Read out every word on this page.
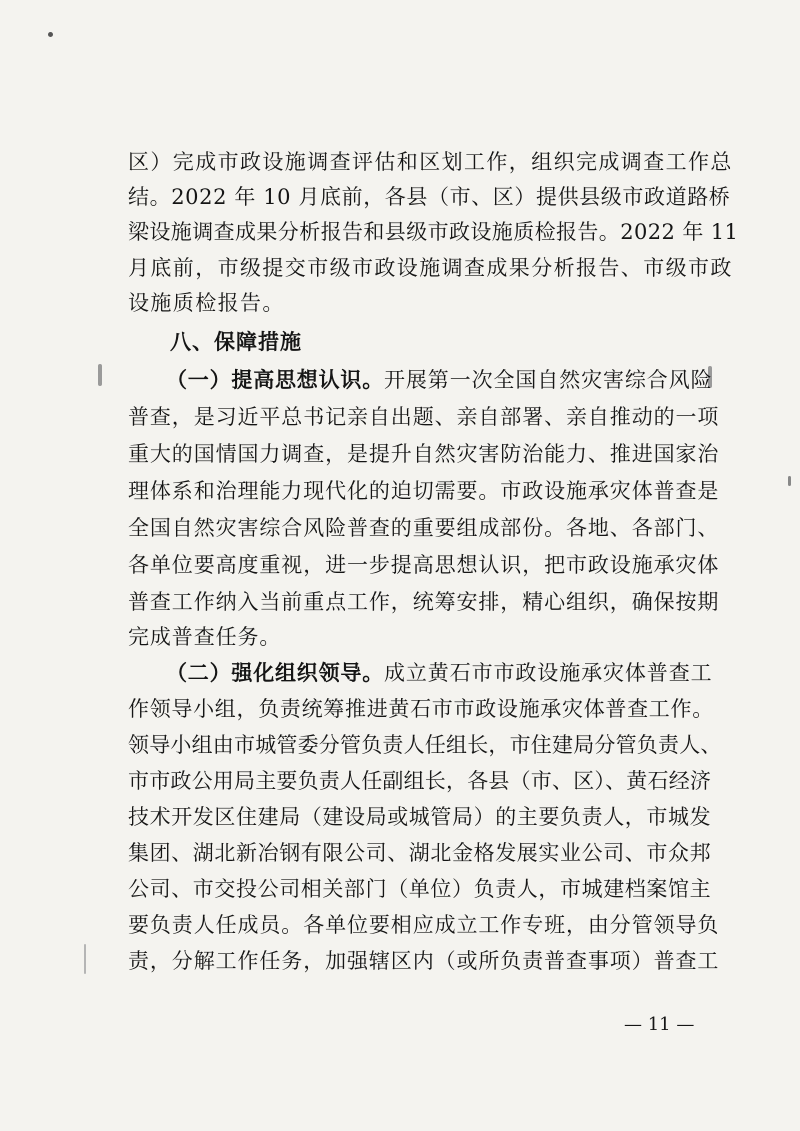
区）完成市政设施调查评估和区划工作，组织完成调查工作总
结。2022 年 10 月底前，各县（市、区）提供县级市政道路桥
梁设施调查成果分析报告和县级市政设施质检报告。2022 年 11
月底前，市级提交市级市政设施调查成果分析报告、市级市政
设施质检报告。
八、保障措施
（一）提高思想认识。 开展第一次全国自然灾害综合风险
普查，是习近平总书记亲自出题、亲自部署、亲自推动的一项
重大的国情国力调查，是提升自然灾害防治能力、推进国家治
理体系和治理能力现代化的迫切需要。市政设施承灾体普查是
全国自然灾害综合风险普查的重要组成部份。各地、各部门、
各单位要高度重视，进一步提高思想认识，把市政设施承灾体
普查工作纳入当前重点工作，统筹安排，精心组织，确保按期
完成普查任务。
（二）强化组织领导。 成立黄石市市政设施承灾体普查工
作领导小组，负责统筹推进黄石市市政设施承灾体普查工作。
领导小组由市城管委分管负责人任组长，市住建局分管负责人、
市市政公用局主要负责人任副组长，各县（市、区）、黄石经济
技术开发区住建局（建设局或城管局）的主要负责人，市城发
集团、湖北新冶钢有限公司、湖北金格发展实业公司、市众邦
公司、市交投公司相关部门（单位）负责人，市城建档案馆主
要负责人任成员。各单位要相应成立工作专班，由分管领导负
责，分解工作任务，加强辖区内（或所负责普查事项）普查工
— 11 —
